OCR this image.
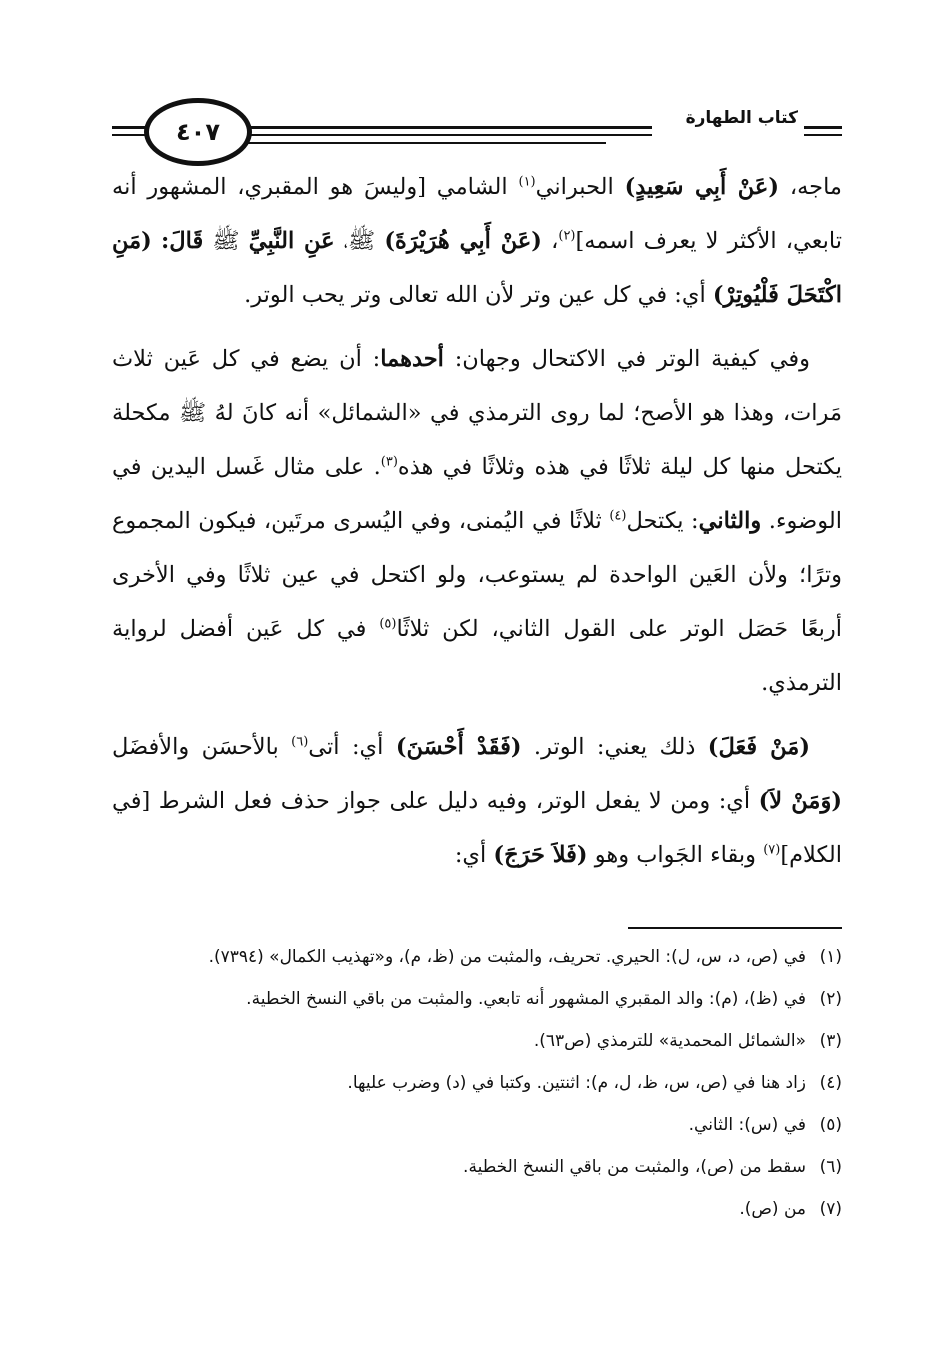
كتاب الطهارة
٤٠٧

ماجه، (عَنْ أَبِي سَعِيدٍ) الحبراني$^{(١)}$ الشامي [وليسَ هو المقبري، المشهور أنه تابعي، الأكثر لا يعرف اسمه]$^{(٢)}$، (عَنْ أَبِي هُرَيْرَةَ) ﷺ، عَنِ النَّبِيِّ ﷺ قَالَ: (مَنِ اكْتَحَلَ فَلْيُوتِرْ) أي: في كل عين وتر لأن الله تعالى وتر يحب الوتر.

وفي كيفية الوتر في الاكتحال وجهان: أحدهما: أن يضع في كل عَين ثلاث مَرات، وهذا هو الأصح؛ لما روى الترمذي في «الشمائل» أنه كانَ لهُ ﷺ مكحلة يكتحل منها كل ليلة ثلاثًا في هذه وثلاثًا في هذه$^{(٣)}$. على مثال غَسل اليدين في الوضوء. والثاني: يكتحل$^{(٤)}$ ثلاثًا في اليُمنى، وفي اليُسرى مرتَين، فيكون المجموع وترًا؛ ولأن العَين الواحدة لم يستوعب، ولو اكتحل في عين ثلاثًا وفي الأخرى أربعًا حَصَل الوتر على القول الثاني، لكن ثلاثًا$^{(٥)}$ في كل عَين أفضل لرواية الترمذي.

(مَنْ فَعَلَ) ذلك يعني: الوتر. (فَقَدْ أَحْسَنَ) أي: أتى$^{(٦)}$ بالأحسَن والأفضَل (وَمَنْ لاَ) أي: ومن لا يفعل الوتر، وفيه دليل على جواز حذف فعل الشرط [في الكلام]$^{(٧)}$ وبقاء الجَواب وهو (فَلاَ حَرَجَ) أي:

(١)
في (ص، د، س، ل): الحيري. تحريف، والمثبت من (ظ، م)، و«تهذيب الكمال» (٧٣٩٤).
(٢)
في (ظ)، (م): والد المقبري المشهور أنه تابعي. والمثبت من باقي النسخ الخطية.
(٣)
«الشمائل المحمدية» للترمذي (ص٦٣).
(٤)
زاد هنا في (ص، س، ظ، ل، م): اثنتين. وكتبا في (د) وضرب عليها.
(٥)
في (س): الثاني.
(٦)
سقط من (ص)، والمثبت من باقي النسخ الخطية.
(٧)
من (ص).
